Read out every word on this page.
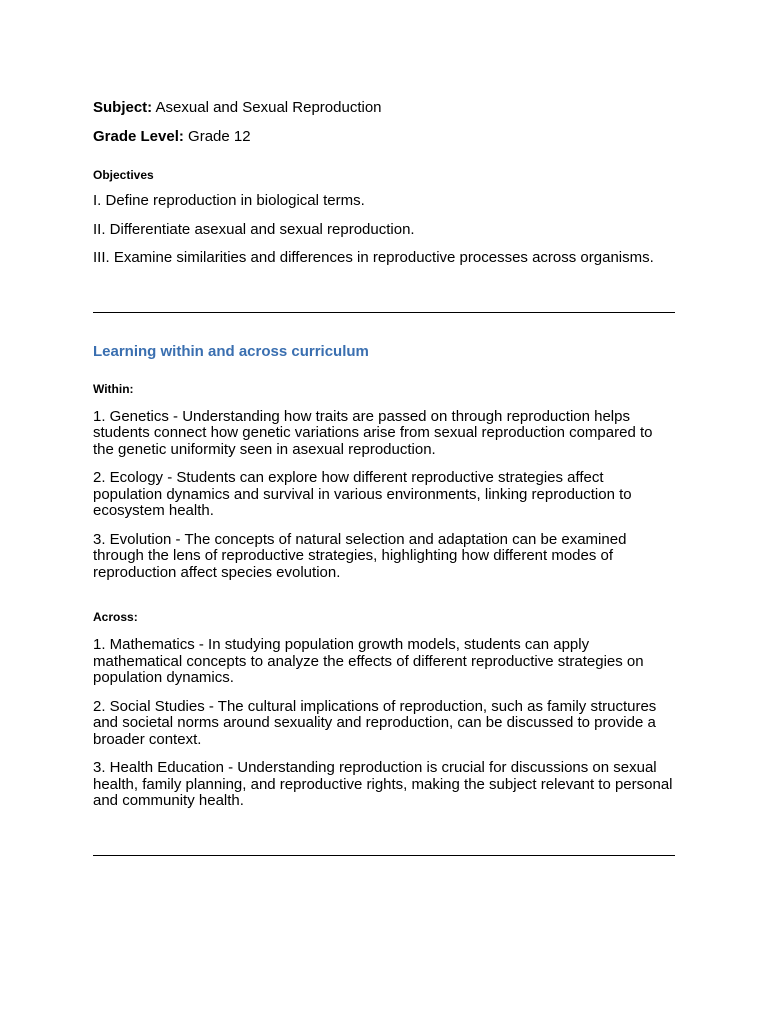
Subject: Asexual and Sexual Reproduction

Grade Level: Grade 12

Objectives

I. Define reproduction in biological terms.

II. Differentiate asexual and sexual reproduction.

III. Examine similarities and differences in reproductive processes across organisms.

Learning within and across curriculum

Within:

1. Genetics - Understanding how traits are passed on through reproduction helps students connect how genetic variations arise from sexual reproduction compared to the genetic uniformity seen in asexual reproduction.

2. Ecology - Students can explore how different reproductive strategies affect population dynamics and survival in various environments, linking reproduction to ecosystem health.

3. Evolution - The concepts of natural selection and adaptation can be examined through the lens of reproductive strategies, highlighting how different modes of reproduction affect species evolution.

Across:

1. Mathematics - In studying population growth models, students can apply mathematical concepts to analyze the effects of different reproductive strategies on population dynamics.

2. Social Studies - The cultural implications of reproduction, such as family structures and societal norms around sexuality and reproduction, can be discussed to provide a broader context.

3. Health Education - Understanding reproduction is crucial for discussions on sexual health, family planning, and reproductive rights, making the subject relevant to personal and community health.
